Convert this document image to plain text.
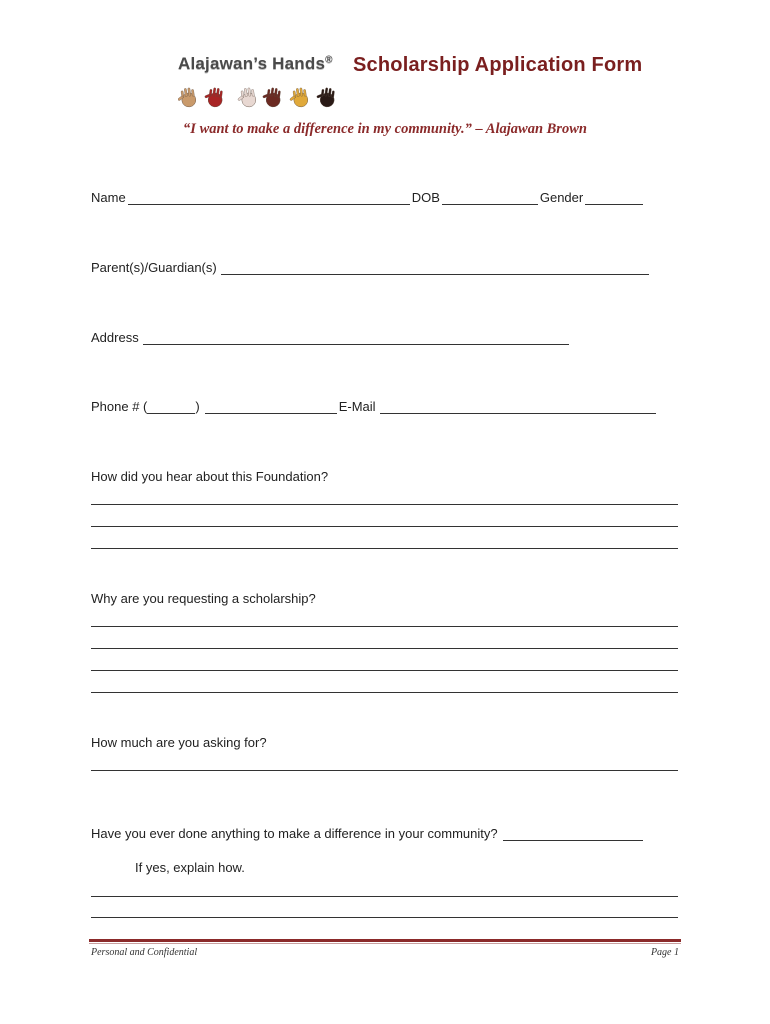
Alajawan’s Hands® Scholarship Application Form
“I want to make a difference in my community.” – Alajawan Brown
Name	DOB	Gender
Parent(s)/Guardian(s)
Address
Phone # (	)	E-Mail
How did you hear about this Foundation?
Why are you requesting a scholarship?
How much are you asking for?
Have you ever done anything to make a difference in your community?
If yes, explain how.
Personal and Confidential	Page 1
